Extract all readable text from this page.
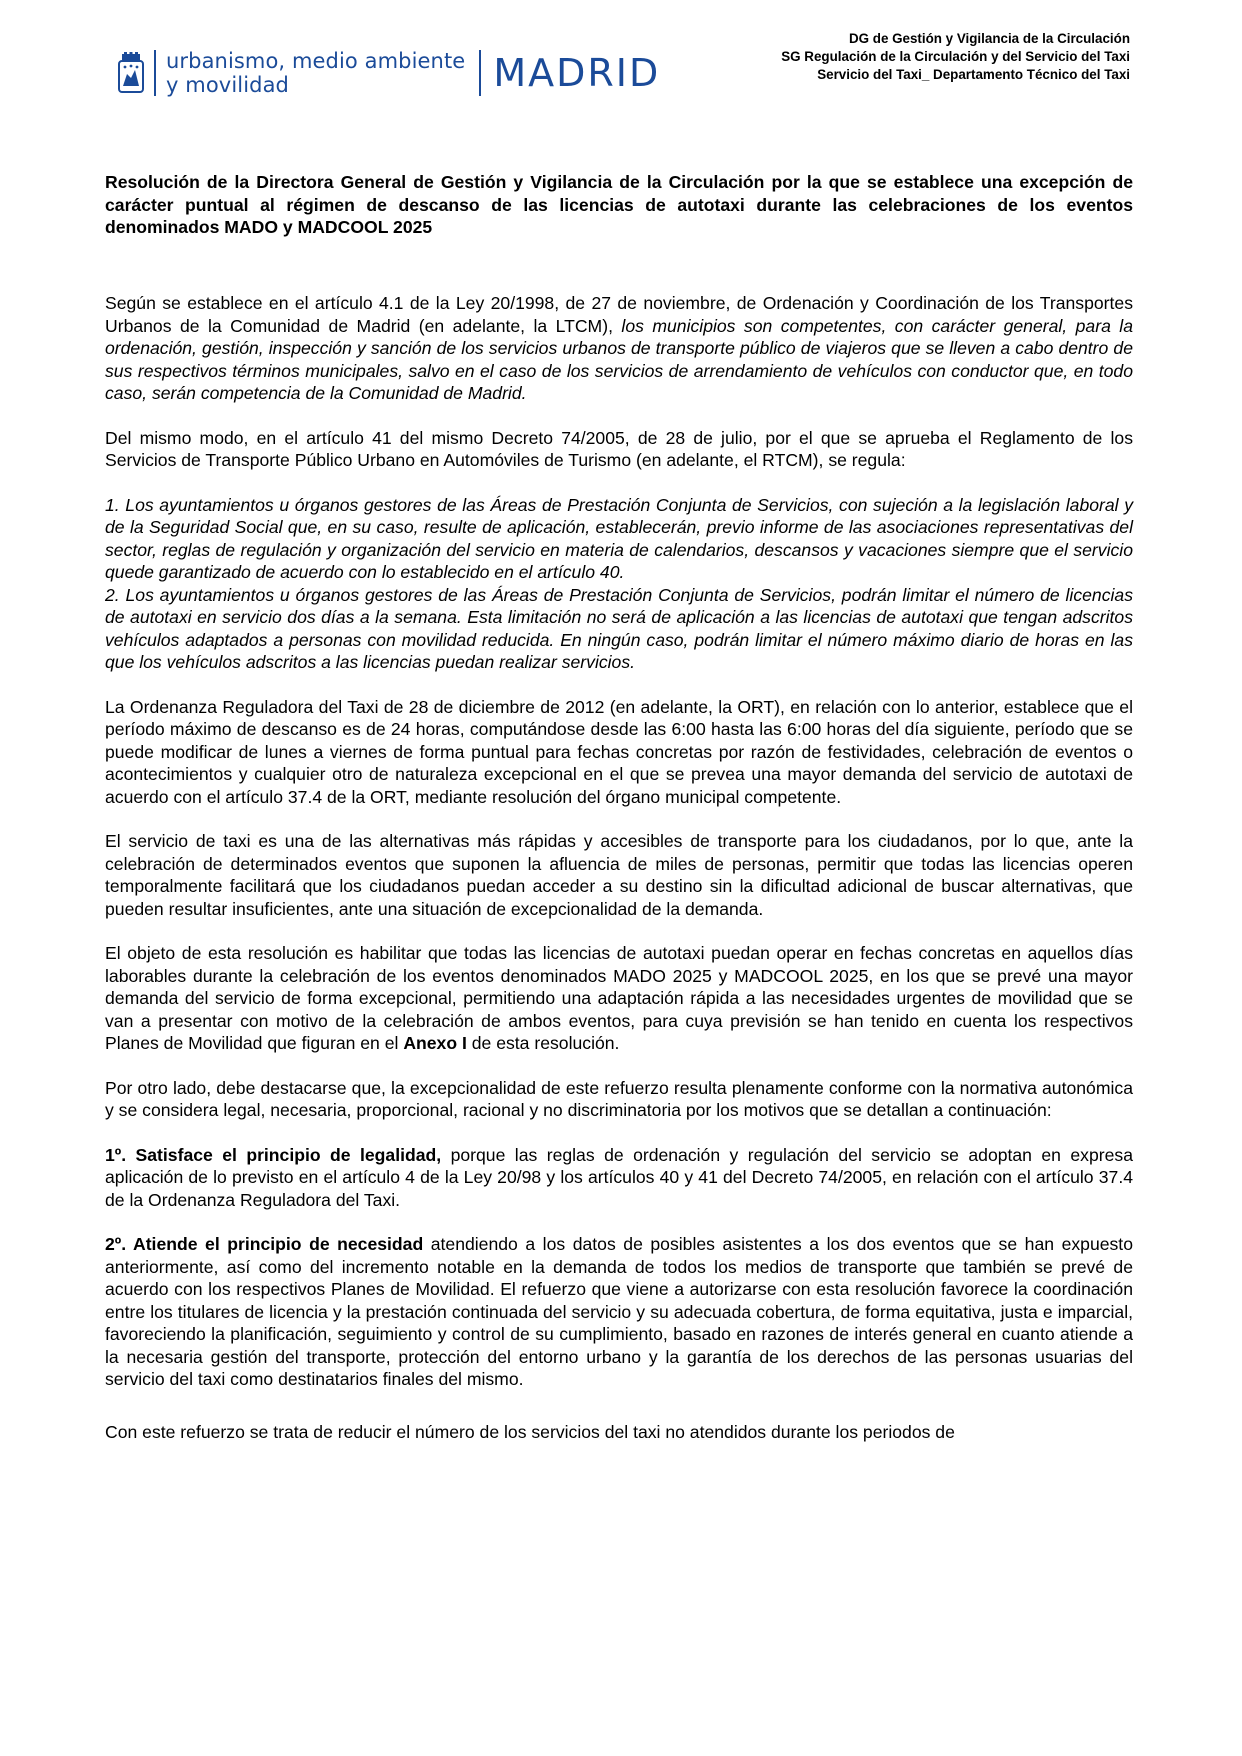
urbanismo, medio ambiente
y movilidad	MADRID
DG de Gestión y Vigilancia de la Circulación
SG Regulación de la Circulación y del Servicio del Taxi
Servicio del Taxi_ Departamento Técnico del Taxi
Resolución de la Directora General de Gestión y Vigilancia de la Circulación por la que se establece una excepción de carácter puntual al régimen de descanso de las licencias de autotaxi durante las celebraciones de los eventos denominados MADO y MADCOOL 2025

Según se establece en el artículo 4.1 de la Ley 20/1998, de 27 de noviembre, de Ordenación y Coordinación de los Transportes Urbanos de la Comunidad de Madrid (en adelante, la LTCM), los municipios son competentes, con carácter general, para la ordenación, gestión, inspección y sanción de los servicios urbanos de transporte público de viajeros que se lleven a cabo dentro de sus respectivos términos municipales, salvo en el caso de los servicios de arrendamiento de vehículos con conductor que, en todo caso, serán competencia de la Comunidad de Madrid.

Del mismo modo, en el artículo 41 del mismo Decreto 74/2005, de 28 de julio, por el que se aprueba el Reglamento de los Servicios de Transporte Público Urbano en Automóviles de Turismo (en adelante, el RTCM), se regula:

1. Los ayuntamientos u órganos gestores de las Áreas de Prestación Conjunta de Servicios, con sujeción a la legislación laboral y de la Seguridad Social que, en su caso, resulte de aplicación, establecerán, previo informe de las asociaciones representativas del sector, reglas de regulación y organización del servicio en materia de calendarios, descansos y vacaciones siempre que el servicio quede garantizado de acuerdo con lo establecido en el artículo 40.
2. Los ayuntamientos u órganos gestores de las Áreas de Prestación Conjunta de Servicios, podrán limitar el número de licencias de autotaxi en servicio dos días a la semana. Esta limitación no será de aplicación a las licencias de autotaxi que tengan adscritos vehículos adaptados a personas con movilidad reducida. En ningún caso, podrán limitar el número máximo diario de horas en las que los vehículos adscritos a las licencias puedan realizar servicios.

La Ordenanza Reguladora del Taxi de 28 de diciembre de 2012 (en adelante, la ORT), en relación con lo anterior, establece que el período máximo de descanso es de 24 horas, computándose desde las 6:00 hasta las 6:00 horas del día siguiente, período que se puede modificar de lunes a viernes de forma puntual para fechas concretas por razón de festividades, celebración de eventos o acontecimientos y cualquier otro de naturaleza excepcional en el que se prevea una mayor demanda del servicio de autotaxi de acuerdo con el artículo 37.4 de la ORT, mediante resolución del órgano municipal competente.

El servicio de taxi es una de las alternativas más rápidas y accesibles de transporte para los ciudadanos, por lo que, ante la celebración de determinados eventos que suponen la afluencia de miles de personas, permitir que todas las licencias operen temporalmente facilitará que los ciudadanos puedan acceder a su destino sin la dificultad adicional de buscar alternativas, que pueden resultar insuficientes, ante una situación de excepcionalidad de la demanda.

El objeto de esta resolución es habilitar que todas las licencias de autotaxi puedan operar en fechas concretas en aquellos días laborables durante la celebración de los eventos denominados MADO 2025 y MADCOOL 2025, en los que se prevé una mayor demanda del servicio de forma excepcional, permitiendo una adaptación rápida a las necesidades urgentes de movilidad que se van a presentar con motivo de la celebración de ambos eventos, para cuya previsión se han tenido en cuenta los respectivos Planes de Movilidad que figuran en el Anexo I de esta resolución.

Por otro lado, debe destacarse que, la excepcionalidad de este refuerzo resulta plenamente conforme con la normativa autonómica y se considera legal, necesaria, proporcional, racional y no discriminatoria por los motivos que se detallan a continuación:

1º. Satisface el principio de legalidad, porque las reglas de ordenación y regulación del servicio se adoptan en expresa aplicación de lo previsto en el artículo 4 de la Ley 20/98 y los artículos 40 y 41 del Decreto 74/2005, en relación con el artículo 37.4 de la Ordenanza Reguladora del Taxi.

2º. Atiende el principio de necesidad atendiendo a los datos de posibles asistentes a los dos eventos que se han expuesto anteriormente, así como del incremento notable en la demanda de todos los medios de transporte que también se prevé de acuerdo con los respectivos Planes de Movilidad. El refuerzo que viene a autorizarse con esta resolución favorece la coordinación entre los titulares de licencia y la prestación continuada del servicio y su adecuada cobertura, de forma equitativa, justa e imparcial, favoreciendo la planificación, seguimiento y control de su cumplimiento, basado en razones de interés general en cuanto atiende a la necesaria gestión del transporte, protección del entorno urbano y la garantía de los derechos de las personas usuarias del servicio del taxi como destinatarios finales del mismo.

Con este refuerzo se trata de reducir el número de los servicios del taxi no atendidos durante los periodos de
